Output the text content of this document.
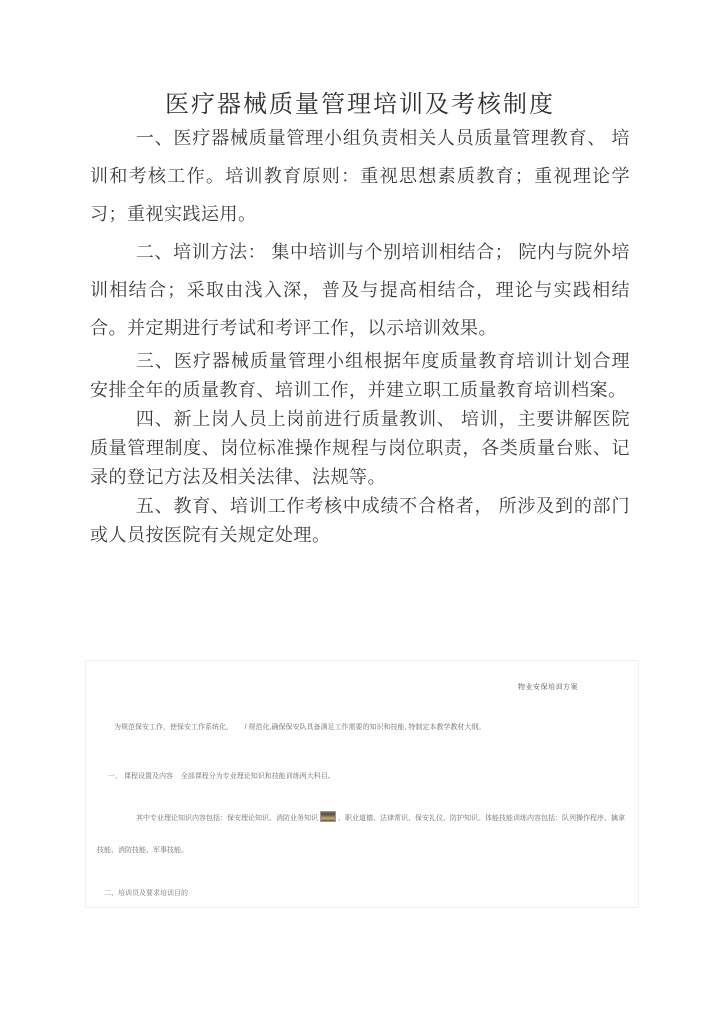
医疗器械质量管理培训及考核制度

一、医疗器械质量管理小组负责相关人员质量管理教育、 培训和考核工作。培训教育原则：重视思想素质教育；重视理论学习；重视实践运用。

二、培训方法： 集中培训与个别培训相结合； 院内与院外培训相结合；采取由浅入深，普及与提高相结合，理论与实践相结合。并定期进行考试和考评工作，以示培训效果。

三、医疗器械质量管理小组根据年度质量教育培训计划合理安排全年的质量教育、培训工作，并建立职工质量教育培训档案。

四、新上岗人员上岗前进行质量教训、 培训，主要讲解医院质量管理制度、岗位标准操作规程与岗位职责，各类质量台账、记录的登记方法及相关法律、法规等。

五、教育、培训工作考核中成绩不合格者， 所涉及到的部门或人员按医院有关规定处理。

物业安保培训方案
为规范保安工作，使保安工作系统化，      / 规范化,确保保安队具备满足工作需要的知识和技能, 特制定本教学教材大纲。
一、 课程设置及内容    全部课程分为专业理论知识和技能训练两大科目。
其中专业理论知识内容包括：保安理论知识、消防业务知识	、职业道德、法律常识、保安礼仪、防护知识。体能技能训练内容包括：队列操作程序、擒拿技能、消防技能、军事技能。
二、培训员及要求培训目的
